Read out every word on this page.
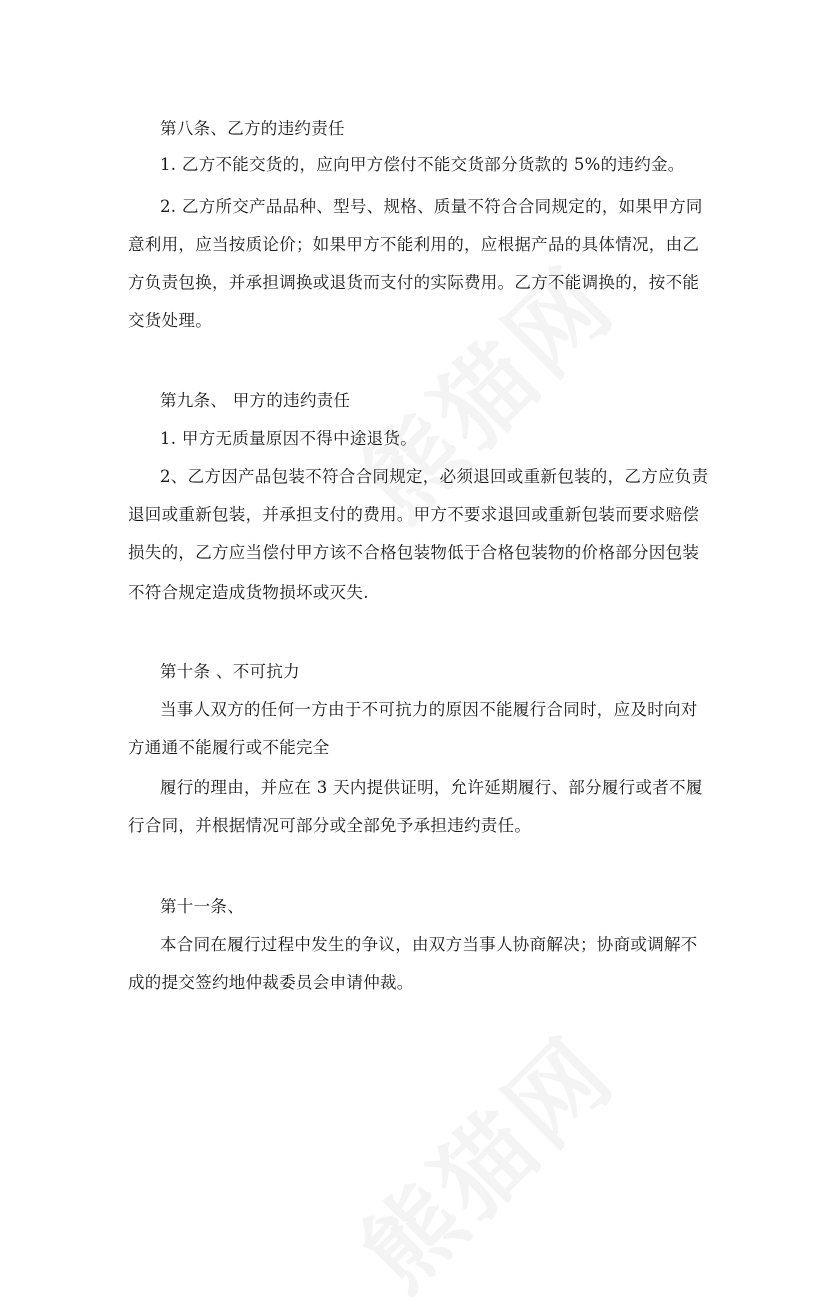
第八条、乙方的违约责任
1. 乙方不能交货的，应向甲方偿付不能交货部分货款的 5%的违约金。
2. 乙方所交产品品种、型号、规格、质量不符合合同规定的，如果甲方同
意利用，应当按质论价；如果甲方不能利用的，应根据产品的具体情况，由乙
方负责包换，并承担调换或退货而支付的实际费用。乙方不能调换的，按不能
交货处理。
第九条、 甲方的违约责任
1. 甲方无质量原因不得中途退货。
2、乙方因产品包装不符合合同规定，必须退回或重新包装的，乙方应负责
退回或重新包装，并承担支付的费用。甲方不要求退回或重新包装而要求赔偿
损失的，乙方应当偿付甲方该不合格包装物低于合格包装物的价格部分因包装
不符合规定造成货物损坏或灭失.
第十条 、不可抗力
当事人双方的任何一方由于不可抗力的原因不能履行合同时，应及时向对
方通通不能履行或不能完全
履行的理由，并应在 3 天内提供证明，允许延期履行、部分履行或者不履
行合同，并根据情况可部分或全部免予承担违约责任。
第十一条、
本合同在履行过程中发生的争议，由双方当事人协商解决；协商或调解不
成的提交签约地仲裁委员会申请仲裁。
